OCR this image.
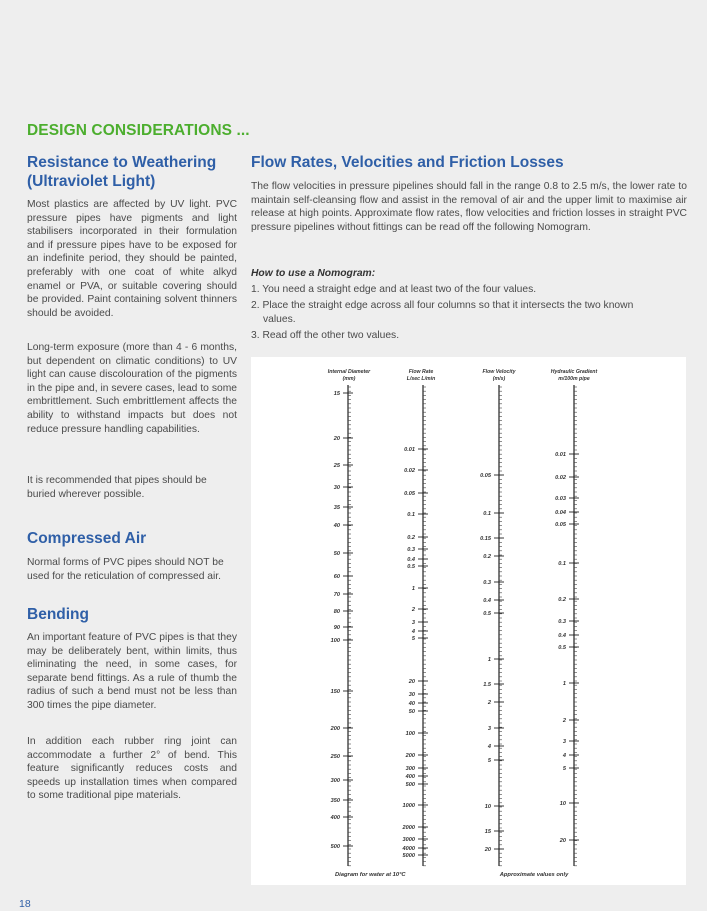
DESIGN CONSIDERATIONS ...
Resistance to Weathering
(Ultraviolet Light)

Most plastics are affected by UV light. PVC pressure pipes have pigments and light stabilisers incorporated in their formulation and if pressure pipes have to be exposed for an indefinite period, they should be painted, preferably with one coat of white alkyd enamel or PVA, or suitable covering should be provided. Paint containing solvent thinners should be avoided.

Long-term exposure (more than 4 - 6 months, but dependent on climatic conditions) to UV light can cause discolouration of the pigments in the pipe and, in severe cases, lead to some embrittlement. Such embrittlement affects the ability to withstand impacts but does not reduce pressure handling capabilities.

It is recommended that pipes should be buried wherever possible.

Compressed Air

Normal forms of PVC pipes should NOT be used for the reticulation of compressed air.

Bending

An important feature of PVC pipes is that they may be deliberately bent, within limits, thus eliminating the need, in some cases, for separate bend fittings. As a rule of thumb the radius of such a bend must not be less than 300 times the pipe diameter.

In addition each rubber ring joint can accommodate a further 2° of bend. This feature significantly reduces costs and speeds up installation times when compared to some traditional pipe materials.

Flow Rates, Velocities and Friction Losses

The flow velocities in pressure pipelines should fall in the range 0.8 to 2.5 m/s, the lower rate to maintain self-cleansing flow and assist in the removal of air and the upper limit to maximise air release at high points. Approximate flow rates, flow velocities and friction losses in straight PVC pressure pipelines without fittings can be read off the following Nomogram.

How to use a Nomogram:
1. You need a straight edge and at least two of the four values.
2. Place the straight edge across all four columns so that it intersects the two known
values.
3. Read off the other two values.
Internal Diameter
(mm)
15
20
25
30
35
40
50
60
70
80
90
100
150
200
250
300
350
400
500
Flow Rate
L/sec L/min
0.01
0.02
0.05
0.1
0.2
0.3
0.4
0.5
1
2
3
4
5
20
30
40
50
100
200
300
400
500
1000
2000
3000
4000
5000
Flow Velocity
(m/s)
0.05
0.1
0.15
0.2
0.3
0.4
0.5
1
1.5
2
3
4
5
10
15
20
Hydraulic Gradient
m/100m pipe
0.01
0.02
0.03
0.04
0.05
0.1
0.2
0.3
0.4
0.5
1
2
3
4
5
10
20
Diagram for water at 10°C	Approximate values only
18
